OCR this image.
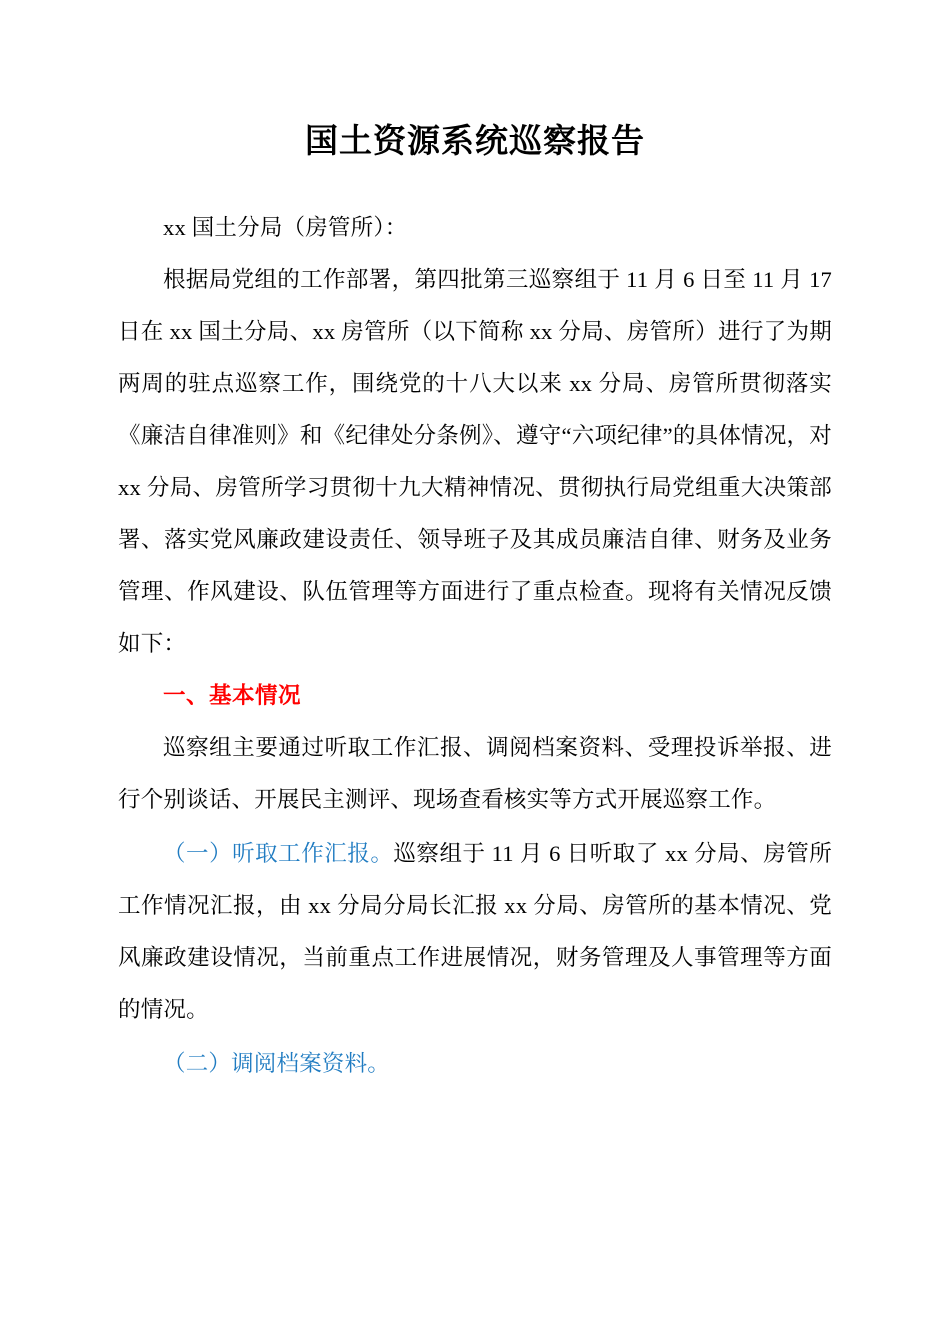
国土资源系统巡察报告

xx 国土分局（房管所）：

根据局党组的工作部署，第四批第三巡察组于 11 月 6 日至 11 月 17 日在 xx 国土分局、xx 房管所（以下简称 xx 分局、房管所）进行了为期两周的驻点巡察工作，围绕党的十八大以来 xx 分局、房管所贯彻落实《廉洁自律准则》和《纪律处分条例》、遵守“六项纪律”的具体情况，对 xx 分局、房管所学习贯彻十九大精神情况、贯彻执行局党组重大决策部署、落实党风廉政建设责任、领导班子及其成员廉洁自律、财务及业务管理、作风建设、队伍管理等方面进行了重点检查。现将有关情况反馈如下：

一、基本情况

巡察组主要通过听取工作汇报、调阅档案资料、受理投诉举报、进行个别谈话、开展民主测评、现场查看核实等方式开展巡察工作。

（一）听取工作汇报。巡察组于 11 月 6 日听取了 xx 分局、房管所工作情况汇报，由 xx 分局分局长汇报 xx 分局、房管所的基本情况、党风廉政建设情况，当前重点工作进展情况，财务管理及人事管理等方面的情况。

（二）调阅档案资料。
